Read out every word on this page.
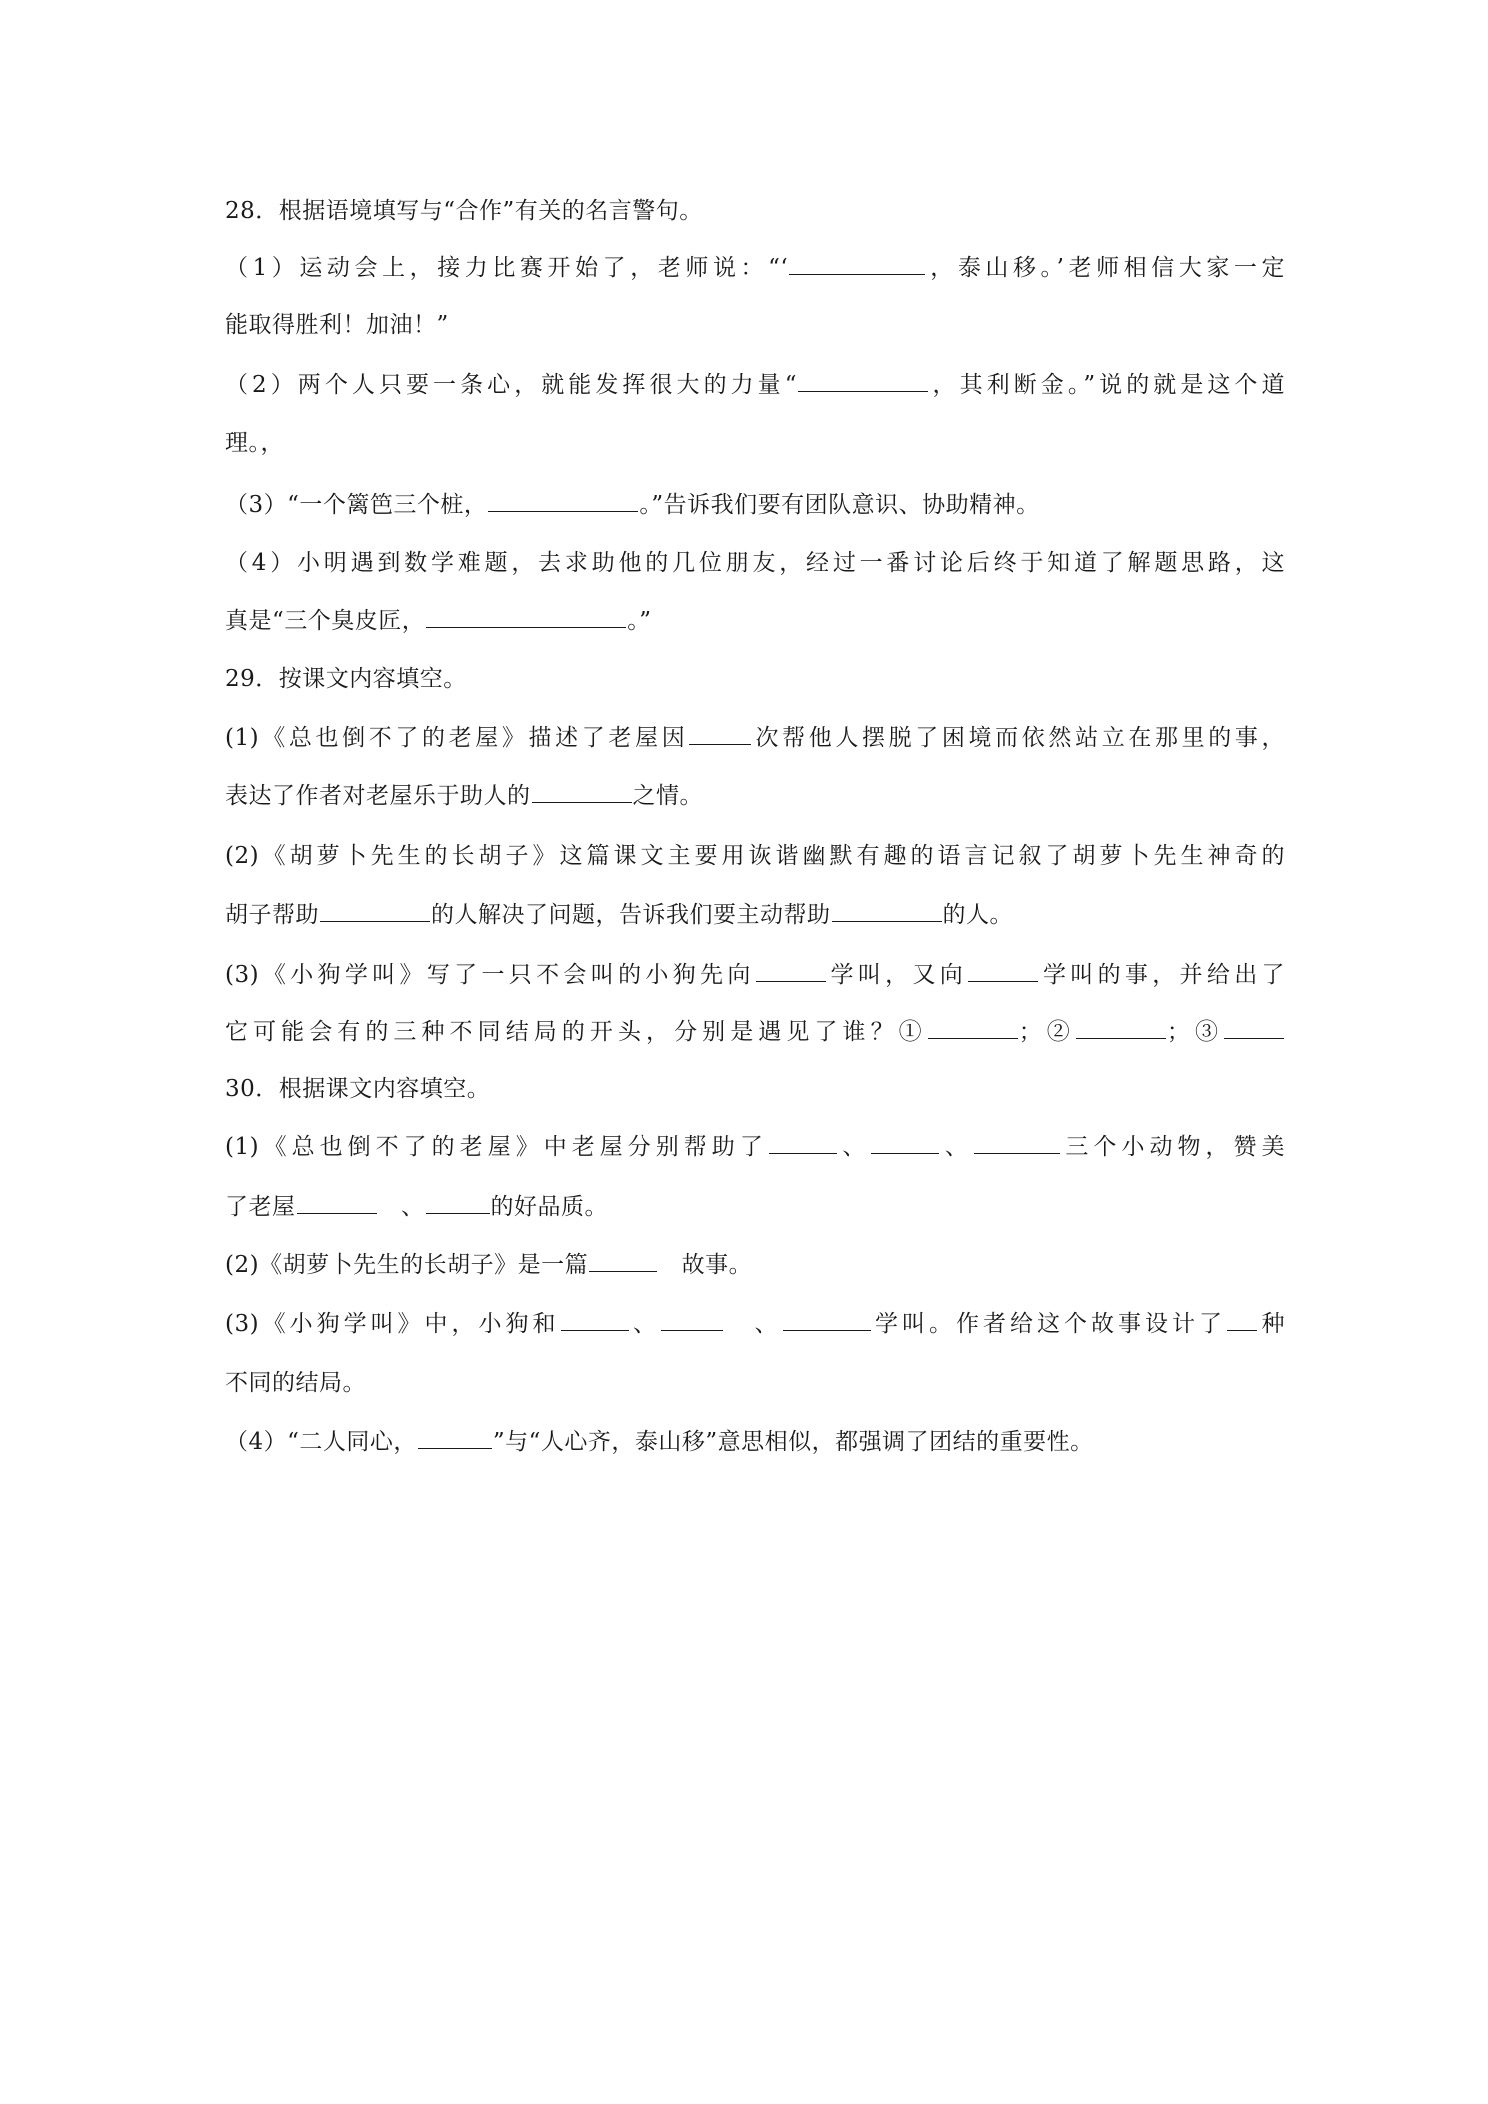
28．根据语境填写与“合作”有关的名言警句。
（1）运动会上，接力比赛开始了，老师说：“‘	，泰山移。’老师相信大家一定
能取得胜利！加油！”
（2）两个人只要一条心，就能发挥很大的力量“	，其利断金。”说的就是这个道
理。，
（3）“一个篱笆三个桩，	。”告诉我们要有团队意识、协助精神。
（4）小明遇到数学难题，去求助他的几位朋友，经过一番讨论后终于知道了解题思路，这
真是“三个臭皮匠，	。”
29．按课文内容填空。
(1)《总也倒不了的老屋》描述了老屋因	次帮他人摆脱了困境而依然站立在那里的事，
表达了作者对老屋乐于助人的	之情。
(2)《胡萝卜先生的长胡子》这篇课文主要用诙谐幽默有趣的语言记叙了胡萝卜先生神奇的
胡子帮助	的人解决了问题，告诉我们要主动帮助	的人。
(3)《小狗学叫》写了一只不会叫的小狗先向	学叫，又向	学叫的事，并给出了
它可能会有的三种不同结局的开头，分别是遇见了谁？①	；②	；③
30．根据课文内容填空。
(1)《总也倒不了的老屋》中老屋分别帮助了	、	、	三个小动物，赞美
了老屋	　、	的好品质。
(2)《胡萝卜先生的长胡子》是一篇	　故事。
(3)《小狗学叫》中，小狗和	、	　、	学叫。作者给这个故事设计了 种
不同的结局。
（4）“二人同心，	”与“人心齐，泰山移”意思相似，都强调了团结的重要性。
